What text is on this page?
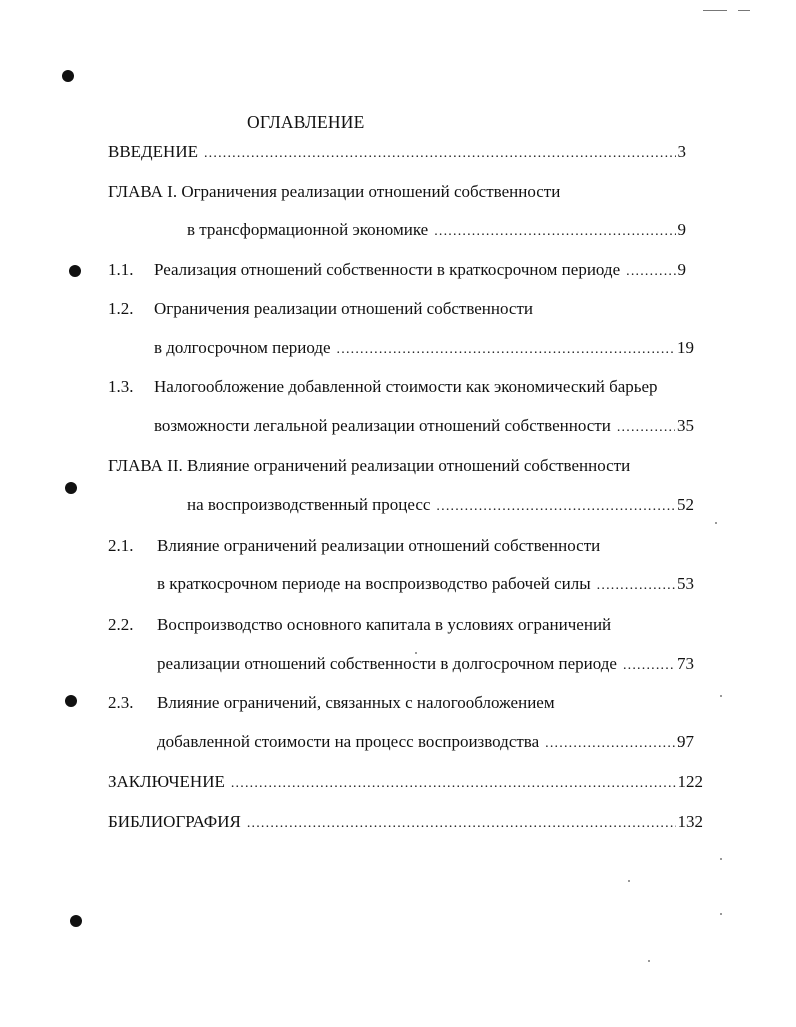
ОГЛАВЛЕНИЕ
ВВЕДЕНИЕ .....	3
ГЛАВА I. Ограничения реализации отношений собственности
в трансформационной экономике .....	9
1.1. Реализация отношений собственности в краткосрочном периоде .....	9
1.2. Ограничения реализации отношений собственности
в долгосрочном периоде .....	19
1.3. Налогообложение добавленной стоимости как экономический барьер
возможности легальной реализации отношений собственности .....	35
ГЛАВА II. Влияние ограничений реализации отношений собственности
на воспроизводственный процесс .....	52
2.1. Влияние ограничений реализации отношений собственности
в краткосрочном периоде на воспроизводство рабочей силы .....	53
2.2. Воспроизводство основного капитала в условиях ограничений
реализации отношений собственности в долгосрочном периоде .....	73
2.3. Влияние ограничений, связанных с налогообложением
добавленной стоимости на процесс воспроизводства .....	97
ЗАКЛЮЧЕНИЕ .....	122
БИБЛИОГРАФИЯ .....	132
